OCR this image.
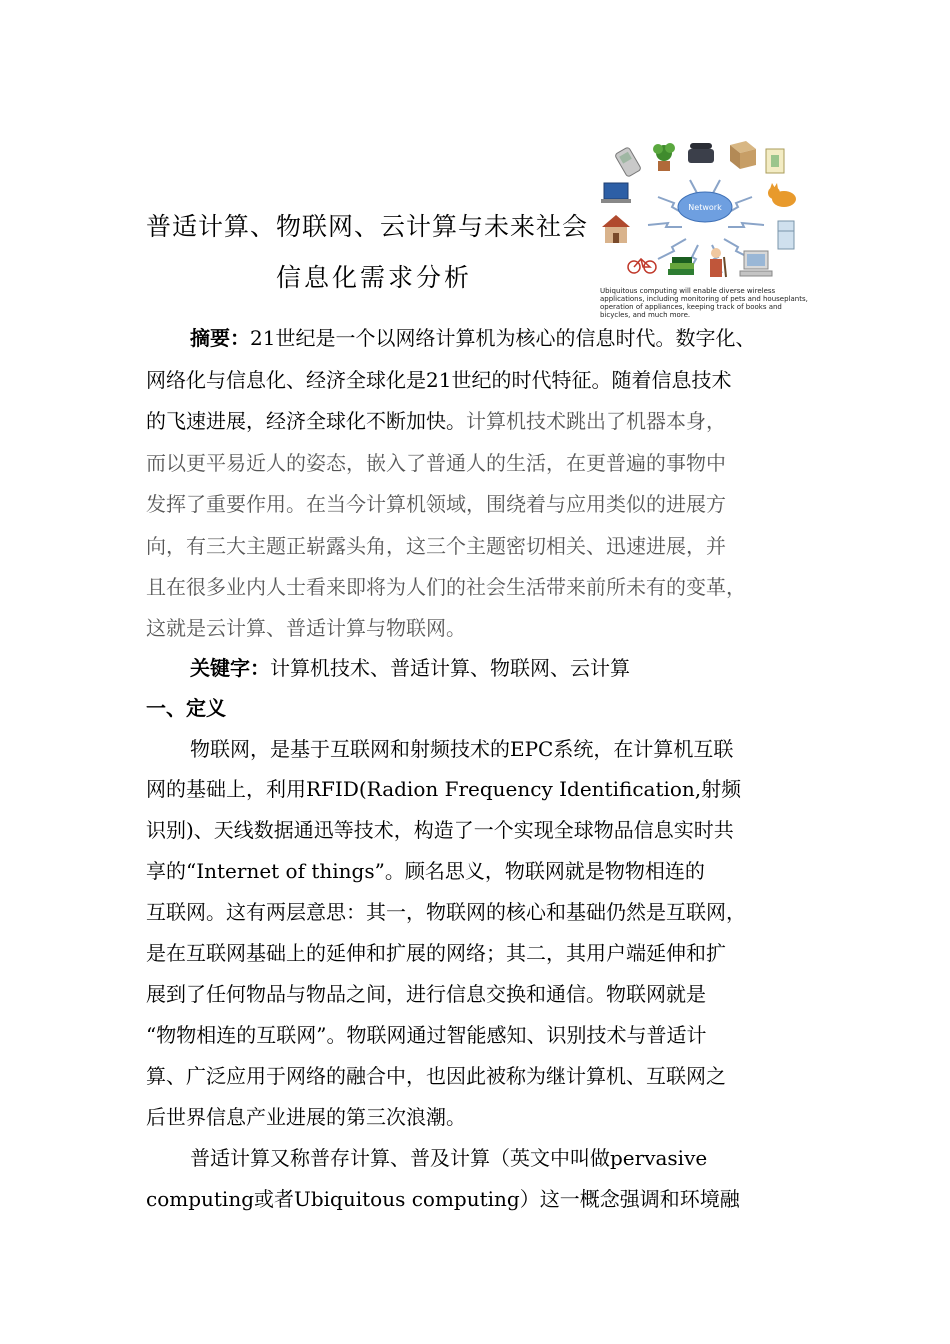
普适计算、物联网、云计算与未来社会
信息化需求分析
Network
Ubiquitous computing will enable diverse wireless applications, including monitoring of pets and houseplants, operation of appliances, keeping track of books and bicycles, and much more.
摘要：21世纪是一个以网络计算机为核心的信息时代。数字化、
网络化与信息化、经济全球化是21世纪的时代特征。随着信息技术
的飞速进展，经济全球化不断加快。计算机技术跳出了机器本身，
而以更平易近人的姿态，嵌入了普通人的生活，在更普遍的事物中
发挥了重要作用。在当今计算机领域，围绕着与应用类似的进展方
向，有三大主题正崭露头角，这三个主题密切相关、迅速进展，并
且在很多业内人士看来即将为人们的社会生活带来前所未有的变革，
这就是云计算、普适计算与物联网。
关键字：计算机技术、普适计算、物联网、云计算
一、定义
物联网，是基于互联网和射频技术的EPC系统，在计算机互联
网的基础上，利用RFID(Radion Frequency Identification,射频
识别)、天线数据通迅等技术，构造了一个实现全球物品信息实时共
享的“Internet of things”。顾名思义，物联网就是物物相连的
互联网。这有两层意思：其一，物联网的核心和基础仍然是互联网，
是在互联网基础上的延伸和扩展的网络；其二，其用户端延伸和扩
展到了任何物品与物品之间，进行信息交换和通信。物联网就是
“物物相连的互联网”。物联网通过智能感知、识别技术与普适计
算、广泛应用于网络的融合中，也因此被称为继计算机、互联网之
后世界信息产业进展的第三次浪潮。
普适计算又称普存计算、普及计算（英文中叫做pervasive
computing或者Ubiquitous computing）这一概念强调和环境融
